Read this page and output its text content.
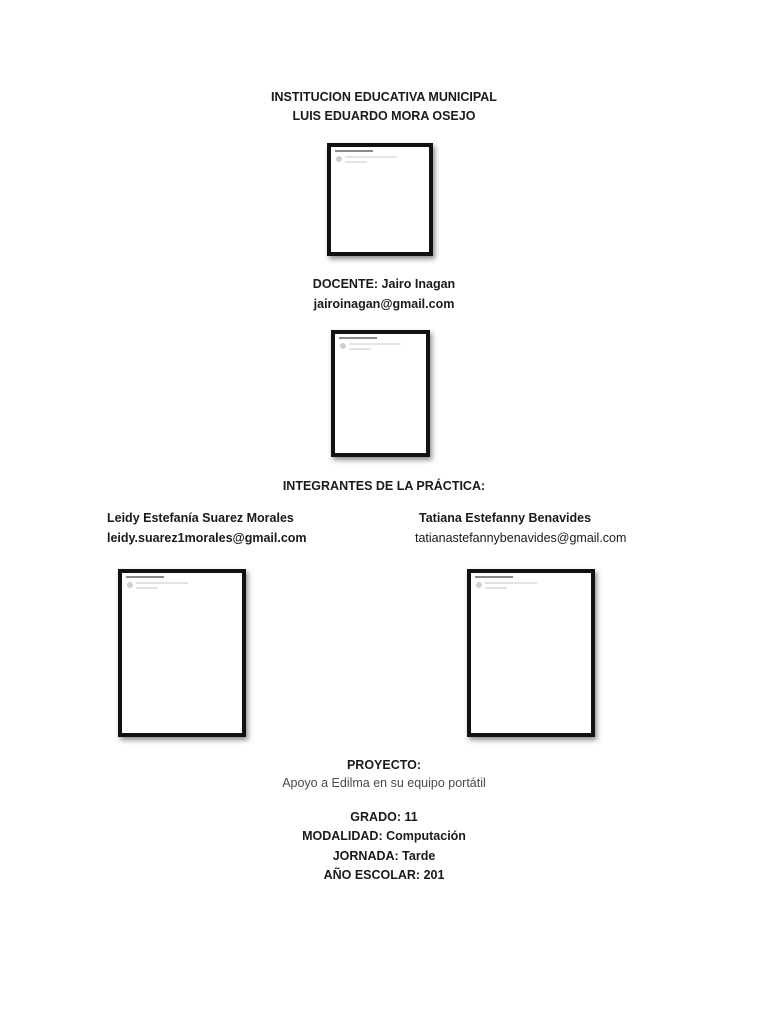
INSTITUCION EDUCATIVA MUNICIPAL
LUIS EDUARDO MORA OSEJO
DOCENTE: Jairo Inagan
jairoinagan@gmail.com
INTEGRANTES DE LA PRÁCTICA:
Leidy Estefanía Suarez Morales
leidy.suarez1morales@gmail.com
Tatiana Estefanny Benavides
tatianastefannybenavides@gmail.com
PROYECTO:
Apoyo a Edilma en su equipo portátil
GRADO: 11
MODALIDAD: Computación
JORNADA: Tarde
AÑO ESCOLAR: 201
